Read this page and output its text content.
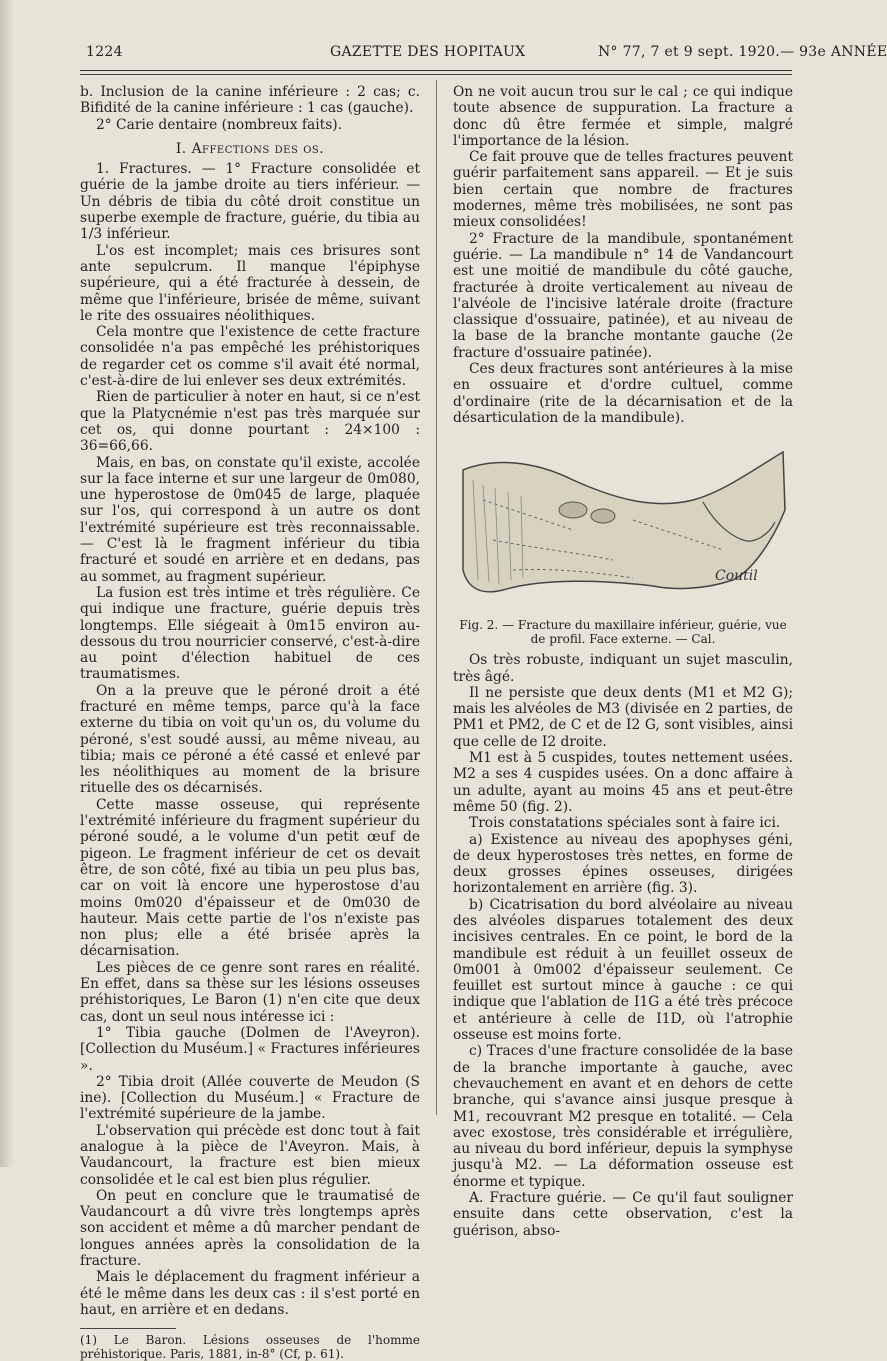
1224	GAZETTE DES HOPITAUX	N° 77, 7 et 9 sept. 1920.— 93e ANNÉE

b. Inclusion de la canine inférieure : 2 cas; c. Bifidité de la canine inférieure : 1 cas (gauche).

2° Carie dentaire (nombreux faits).

I. Affections des os.

1. Fractures. — 1° Fracture consolidée et guérie de la jambe droite au tiers inférieur. — Un débris de tibia du côté droit constitue un superbe exemple de fracture, guérie, du tibia au 1/3 inférieur.

L'os est incomplet; mais ces brisures sont ante sepulcrum. Il manque l'épiphyse supérieure, qui a été fracturée à dessein, de même que l'inférieure, brisée de même, suivant le rite des ossuaires néolithiques.

Cela montre que l'existence de cette fracture consolidée n'a pas empêché les préhistoriques de regarder cet os comme s'il avait été normal, c'est-à-dire de lui enlever ses deux extrémités.

Rien de particulier à noter en haut, si ce n'est que la Platycnémie n'est pas très marquée sur cet os, qui donne pourtant : 24×100 : 36=66,66.

Mais, en bas, on constate qu'il existe, accolée sur la face interne et sur une largeur de 0m080, une hyperostose de 0m045 de large, plaquée sur l'os, qui correspond à un autre os dont l'extrémité supérieure est très reconnaissable. — C'est là le fragment inférieur du tibia fracturé et soudé en arrière et en dedans, pas au sommet, au fragment supérieur.

La fusion est très intime et très régulière. Ce qui indique une fracture, guérie depuis très longtemps. Elle siégeait à 0m15 environ au-dessous du trou nourricier conservé, c'est-à-dire au point d'élection habituel de ces traumatismes.

On a la preuve que le péroné droit a été fracturé en même temps, parce qu'à la face externe du tibia on voit qu'un os, du volume du péroné, s'est soudé aussi, au même niveau, au tibia; mais ce péroné a été cassé et enlevé par les néolithiques au moment de la brisure rituelle des os décarnisés.

Cette masse osseuse, qui représente l'extrémité inférieure du fragment supérieur du péroné soudé, a le volume d'un petit œuf de pigeon. Le fragment inférieur de cet os devait être, de son côté, fixé au tibia un peu plus bas, car on voit là encore une hyperostose d'au moins 0m020 d'épaisseur et de 0m030 de hauteur. Mais cette partie de l'os n'existe pas non plus; elle a été brisée après la décarnisation.

Les pièces de ce genre sont rares en réalité. En effet, dans sa thèse sur les lésions osseuses préhistoriques, Le Baron (1) n'en cite que deux cas, dont un seul nous intéresse ici :

1° Tibia gauche (Dolmen de l'Aveyron). [Collection du Muséum.] « Fractures inférieures ».

2° Tibia droit (Allée couverte de Meudon (S ine). [Collection du Muséum.] « Fracture de l'extrémité supérieure de la jambe.

L'observation qui précède est donc tout à fait analogue à la pièce de l'Aveyron. Mais, à Vaudancourt, la fracture est bien mieux consolidée et le cal est bien plus régulier.

On peut en conclure que le traumatisé de Vaudancourt a dû vivre très longtemps après son accident et même a dû marcher pendant de longues années après la consolidation de la fracture.

Mais le déplacement du fragment inférieur a été le même dans les deux cas : il s'est porté en haut, en arrière et en dedans.

(1) Le Baron. Lésions osseuses de l'homme préhistorique. Paris, 1881, in-8° (Cf, p. 61).

On ne voit aucun trou sur le cal ; ce qui indique toute absence de suppuration. La fracture a donc dû être fermée et simple, malgré l'importance de la lésion.

Ce fait prouve que de telles fractures peuvent guérir parfaitement sans appareil. — Et je suis bien certain que nombre de fractures modernes, même très mobilisées, ne sont pas mieux consolidées!

2° Fracture de la mandibule, spontanément guérie. — La mandibule n° 14 de Vandancourt est une moitié de mandibule du côté gauche, fracturée à droite verticalement au niveau de l'alvéole de l'incisive latérale droite (fracture classique d'ossuaire, patinée), et au niveau de la base de la branche montante gauche (2e fracture d'ossuaire patinée).

Ces deux fractures sont antérieures à la mise en ossuaire et d'ordre cultuel, comme d'ordinaire (rite de la décarnisation et de la désarticulation de la mandibule).

Coutil

Fig. 2. — Fracture du maxillaire inférieur, guérie, vue de profil. Face externe. — Cal.

Os très robuste, indiquant un sujet masculin, très âgé.

Il ne persiste que deux dents (M1 et M2 G); mais les alvéoles de M3 (divisée en 2 parties, de PM1 et PM2, de C et de I2 G, sont visibles, ainsi que celle de I2 droite.

M1 est à 5 cuspides, toutes nettement usées. M2 a ses 4 cuspides usées. On a donc affaire à un adulte, ayant au moins 45 ans et peut-être même 50 (fig. 2).

Trois constatations spéciales sont à faire ici.

a) Existence au niveau des apophyses géni, de deux hyperostoses très nettes, en forme de deux grosses épines osseuses, dirigées horizontalement en arrière (fig. 3).

b) Cicatrisation du bord alvéolaire au niveau des alvéoles disparues totalement des deux incisives centrales. En ce point, le bord de la mandibule est réduit à un feuillet osseux de 0m001 à 0m002 d'épaisseur seulement. Ce feuillet est surtout mince à gauche : ce qui indique que l'ablation de I1G a été très précoce et antérieure à celle de I1D, où l'atrophie osseuse est moins forte.

c) Traces d'une fracture consolidée de la base de la branche importante à gauche, avec chevauchement en avant et en dehors de cette branche, qui s'avance ainsi jusque presque à M1, recouvrant M2 presque en totalité. — Cela avec exostose, très considérable et irrégulière, au niveau du bord inférieur, depuis la symphyse jusqu'à M2. — La déformation osseuse est énorme et typique.

A. Fracture guérie. — Ce qu'il faut souligner ensuite dans cette observation, c'est la guérison, abso-
